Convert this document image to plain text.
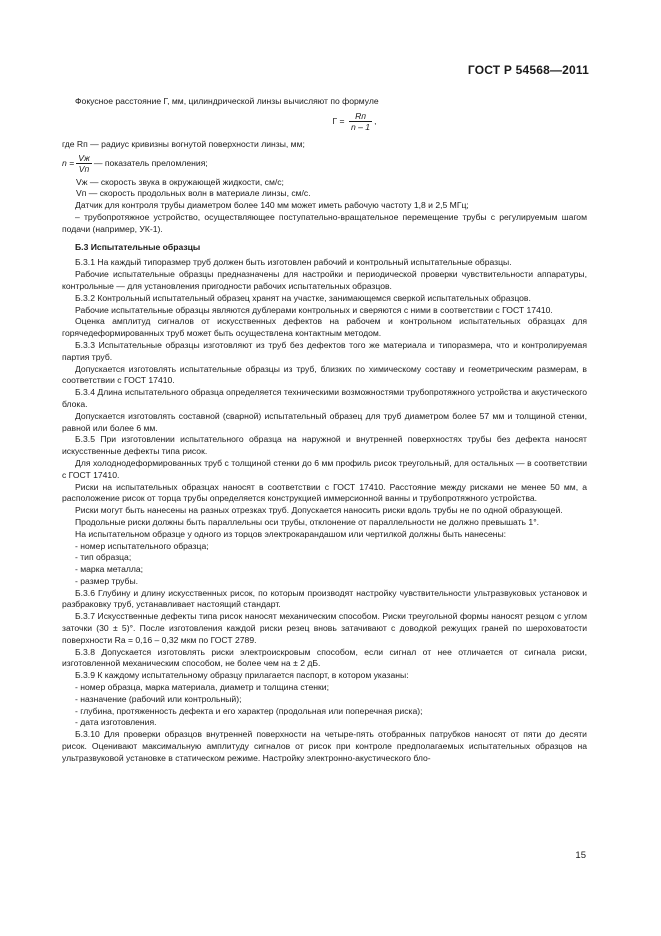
ГОСТ Р 54568—2011

Фокусное расстояние Г, мм, цилиндрической линзы вычисляют по формуле

$Г = \frac{Rп}{n - 1}$ ,

где Rп — радиус кривизны вогнутой поверхности линзы, мм;

$n = \frac{Vж}{Vп}$ — показатель преломления;

Vж — скорость звука в окружающей жидкости, см/с;

Vп — скорость продольных волн в материале линзы, см/с.

Датчик для контроля трубы диаметром более 140 мм может иметь рабочую частоту 1,8 и 2,5 МГц;

– трубопротяжное устройство, осуществляющее поступательно-вращательное перемещение трубы с регулируемым шагом подачи (например, УК-1).

Б.3 Испытательные образцы

Б.3.1 На каждый типоразмер труб должен быть изготовлен рабочий и контрольный испытательные образцы.

Рабочие испытательные образцы предназначены для настройки и периодической проверки чувствительности аппаратуры, контрольные — для установления пригодности рабочих испытательных образцов.

Б.3.2 Контрольный испытательный образец хранят на участке, занимающемся сверкой испытательных образцов.

Рабочие испытательные образцы являются дублерами контрольных и сверяются с ними в соответствии с ГОСТ 17410.

Оценка амплитуд сигналов от искусственных дефектов на рабочем и контрольном испытательных образцах для горячедеформированных труб может быть осуществлена контактным методом.

Б.3.3 Испытательные образцы изготовляют из труб без дефектов того же материала и типоразмера, что и контролируемая партия труб.

Допускается изготовлять испытательные образцы из труб, близких по химическому составу и геометрическим размерам, в соответствии с ГОСТ 17410.

Б.3.4 Длина испытательного образца определяется техническими возможностями трубопротяжного устройства и акустического блока.

Допускается изготовлять составной (сварной) испытательный образец для труб диаметром более 57 мм и толщиной стенки, равной или более 6 мм.

Б.3.5 При изготовлении испытательного образца на наружной и внутренней поверхностях трубы без дефекта наносят искусственные дефекты типа рисок.

Для холоднодеформированных труб с толщиной стенки до 6 мм профиль рисок треугольный, для остальных — в соответствии с ГОСТ 17410.

Риски на испытательных образцах наносят в соответствии с ГОСТ 17410. Расстояние между рисками не менее 50 мм, а расположение рисок от торца трубы определяется конструкцией иммерсионной ванны и трубопротяжного устройства.

Риски могут быть нанесены на разных отрезках труб. Допускается наносить риски вдоль трубы не по одной образующей.

Продольные риски должны быть параллельны оси трубы, отклонение от параллельности не должно превышать 1°.

На испытательном образце у одного из торцов электрокарандашом или чертилкой должны быть нанесены:

- номер испытательного образца;
- тип образца;
- марка металла;
- размер трубы.

Б.3.6 Глубину и длину искусственных рисок, по которым производят настройку чувствительности ультразвуковых установок и разбраковку труб, устанавливает настоящий стандарт.

Б.3.7 Искусственные дефекты типа рисок наносят механическим способом. Риски треугольной формы наносят резцом с углом заточки (30 ± 5)°. После изготовления каждой риски резец вновь затачивают с доводкой режущих граней по шероховатости поверхности Ra = 0,16 – 0,32 мкм по ГОСТ 2789.

Б.3.8 Допускается изготовлять риски электроискровым способом, если сигнал от нее отличается от сигнала риски, изготовленной механическим способом, не более чем на ± 2 дБ.

Б.3.9 К каждому испытательному образцу прилагается паспорт, в котором указаны:

- номер образца, марка материала, диаметр и толщина стенки;
- назначение (рабочий или контрольный);
- глубина, протяженность дефекта и его характер (продольная или поперечная риска);
- дата изготовления.

Б.3.10 Для проверки образцов внутренней поверхности на четыре-пять отобранных патрубков наносят от пяти до десяти рисок. Оценивают максимальную амплитуду сигналов от рисок при контроле предполагаемых испытательных образцов на ультразвуковой установке в статическом режиме. Настройку электронно-акустического бло-

15
